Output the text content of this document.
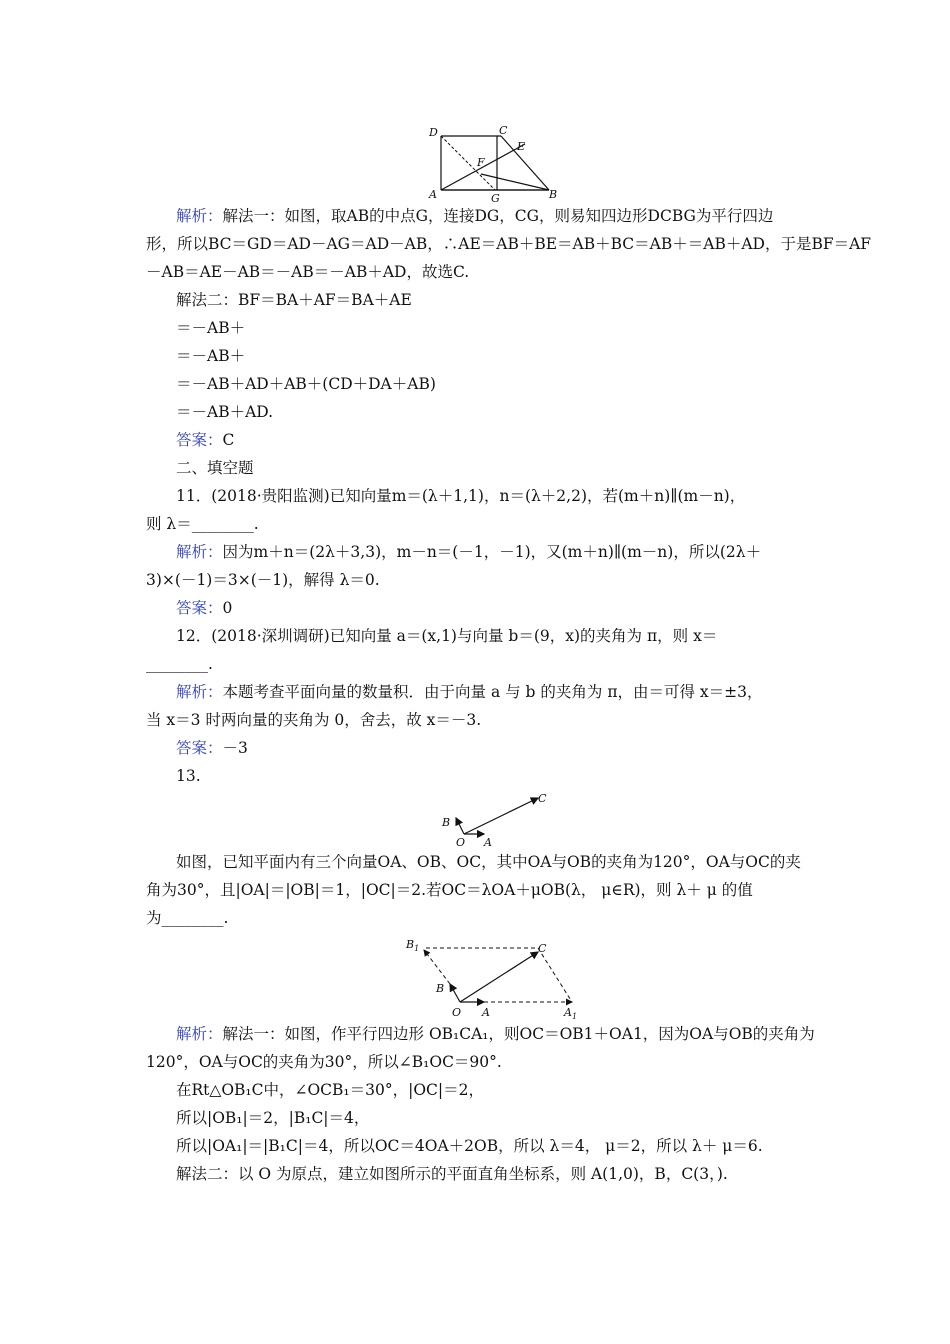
D	C
E
F
A	G	B
解析：解法一：如图，取AB的中点G，连接DG，CG，则易知四边形DCBG为平行四边
形，所以BC＝GD＝AD－AG＝AD－AB，∴AE＝AB＋BE＝AB＋BC＝AB＋＝AB＋AD，于是BF＝AF
－AB＝AE－AB＝－AB＝－AB＋AD，故选C.
解法二：BF＝BA＋AF＝BA＋AE
＝－AB＋
＝－AB＋
＝－AB＋AD＋AB＋(CD＋DA＋AB)
＝－AB＋AD.
答案：C
二、填空题
11．(2018·贵阳监测)已知向量m＝(λ＋1,1)，n＝(λ＋2,2)，若(m＋n)∥(m－n)，
则 λ＝________.
解析：因为m＋n＝(2λ＋3,3)，m－n＝(－1，－1)，又(m＋n)∥(m－n)，所以(2λ＋
3)×(－1)＝3×(－1)，解得 λ＝0.
答案：0
12．(2018·深圳调研)已知向量 a＝(x,1)与向量 b＝(9，x)的夹角为 π，则 x＝
________.
解析：本题考查平面向量的数量积．由于向量 a 与 b 的夹角为 π，由＝可得 x＝±3，
当 x＝3 时两向量的夹角为 0，舍去，故 x＝－3.
答案：－3
13.
C
B
O A
如图，已知平面内有三个向量OA、OB、OC，其中OA与OB的夹角为120°，OA与OC的夹
角为30°，且|OA|＝|OB|＝1，|OC|＝2.若OC＝λOA＋μOB(λ， μ∈R)，则 λ＋ μ 的值
为________.
$B_1$	C
B
O A	$A_1$
解析：解法一：如图，作平行四边形 OB₁CA₁，则OC＝OB1＋OA1，因为OA与OB的夹角为
120°，OA与OC的夹角为30°，所以∠B₁OC＝90°.
在Rt△OB₁C中，∠OCB₁＝30°，|OC|＝2，
所以|OB₁|＝2，|B₁C|＝4，
所以|OA₁|＝|B₁C|＝4，所以OC＝4OA＋2OB，所以 λ＝4， μ＝2，所以 λ＋ μ＝6.
解法二：以 O 为原点，建立如图所示的平面直角坐标系，则 A(1,0)，B，C(3，).
